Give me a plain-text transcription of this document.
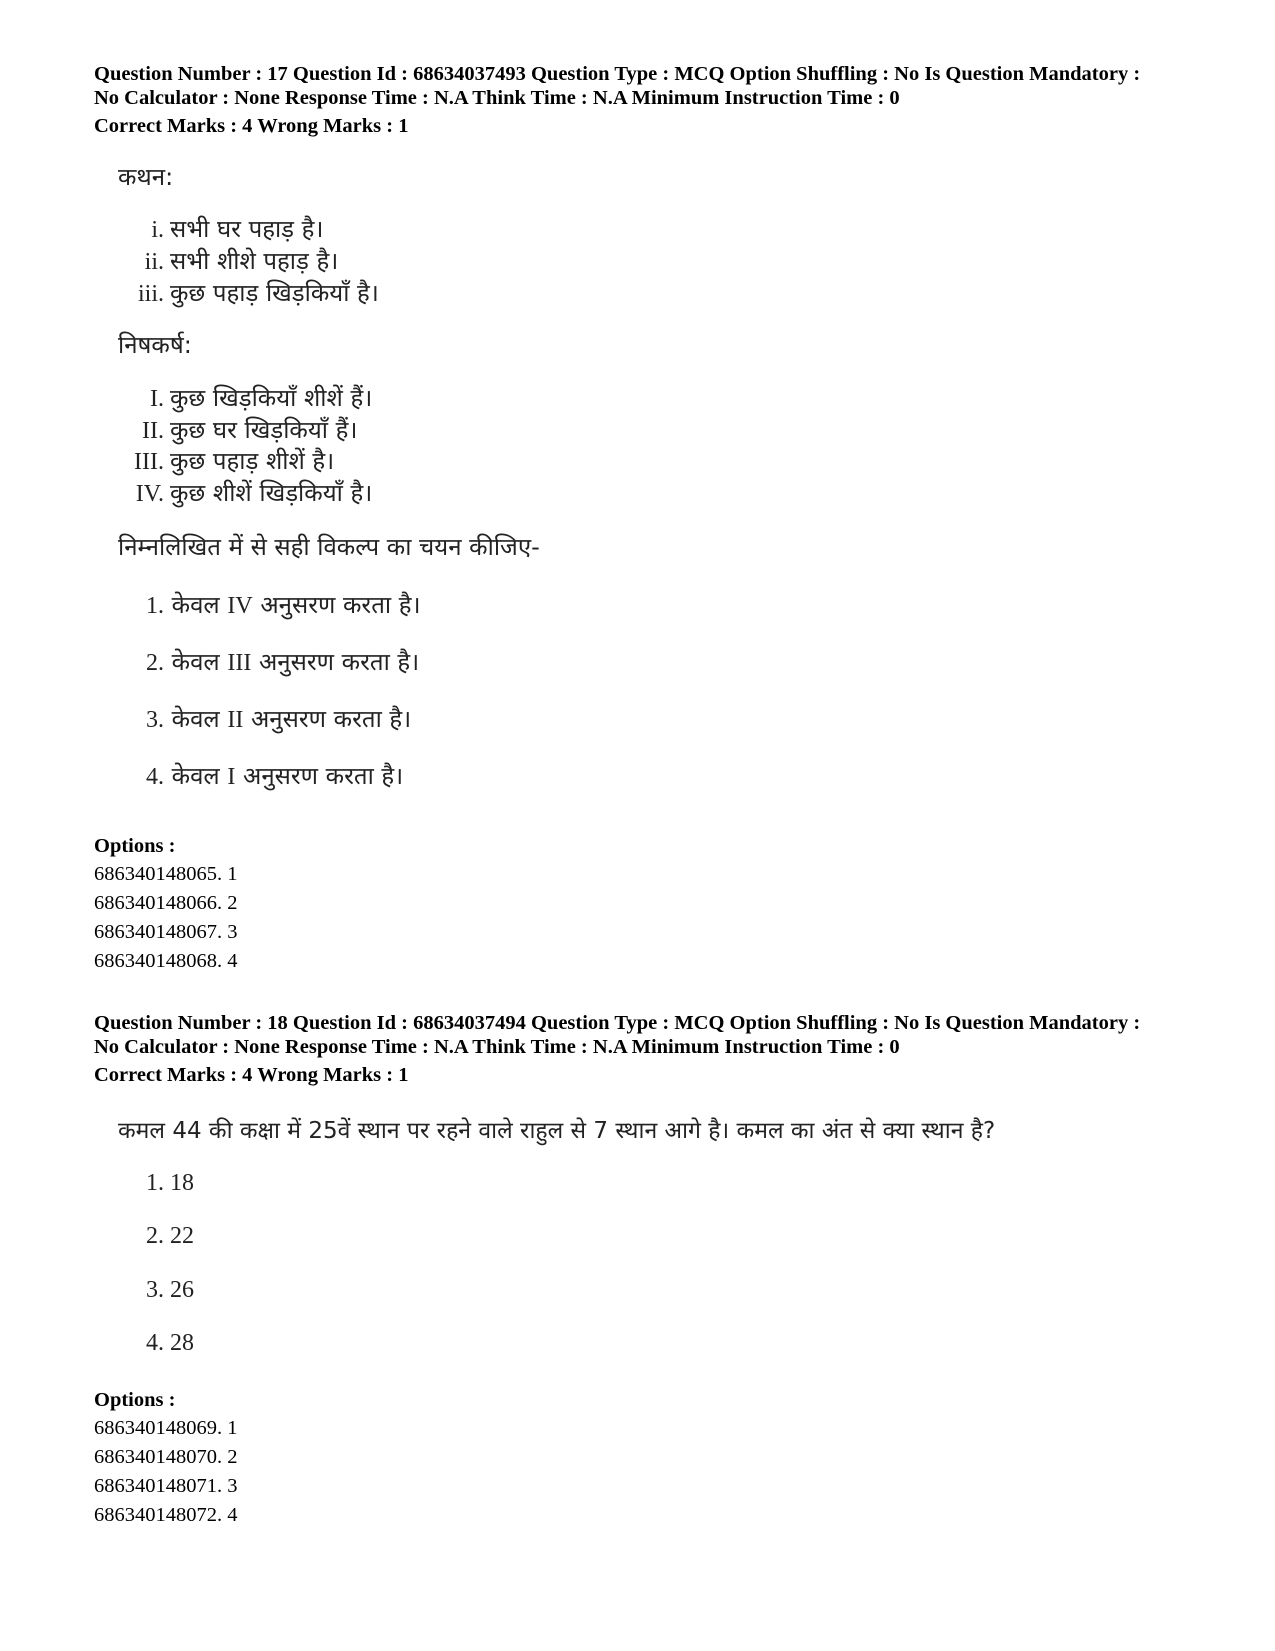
Question Number : 17 Question Id : 68634037493 Question Type : MCQ Option Shuffling : No Is Question Mandatory :
No Calculator : None Response Time : N.A Think Time : N.A Minimum Instruction Time : 0
Correct Marks : 4 Wrong Marks : 1
कथन:
i. सभी घर पहाड़ है।
ii. सभी शीशे पहाड़ है।
iii. कुछ पहाड़ खिड़कियाँ है।
निषकर्ष:
I. कुछ खिड़कियाँ शीशें हैं।
II. कुछ घर खिड़कियाँ हैं।
III. कुछ पहाड़ शीशें है।
IV. कुछ शीशें खिड़कियाँ है।
निम्नलिखित में से सही विकल्प का चयन कीजिए-
1. केवल IV अनुसरण करता है।
2. केवल III अनुसरण करता है।
3. केवल II अनुसरण करता है।
4. केवल I अनुसरण करता है।
Options :
686340148065. 1
686340148066. 2
686340148067. 3
686340148068. 4
Question Number : 18 Question Id : 68634037494 Question Type : MCQ Option Shuffling : No Is Question Mandatory :
No Calculator : None Response Time : N.A Think Time : N.A Minimum Instruction Time : 0
Correct Marks : 4 Wrong Marks : 1
कमल 44 की कक्षा में 25वें स्थान पर रहने वाले राहुल से 7 स्थान आगे है। कमल का अंत से क्या स्थान है?
1. 18
2. 22
3. 26
4. 28
Options :
686340148069. 1
686340148070. 2
686340148071. 3
686340148072. 4
